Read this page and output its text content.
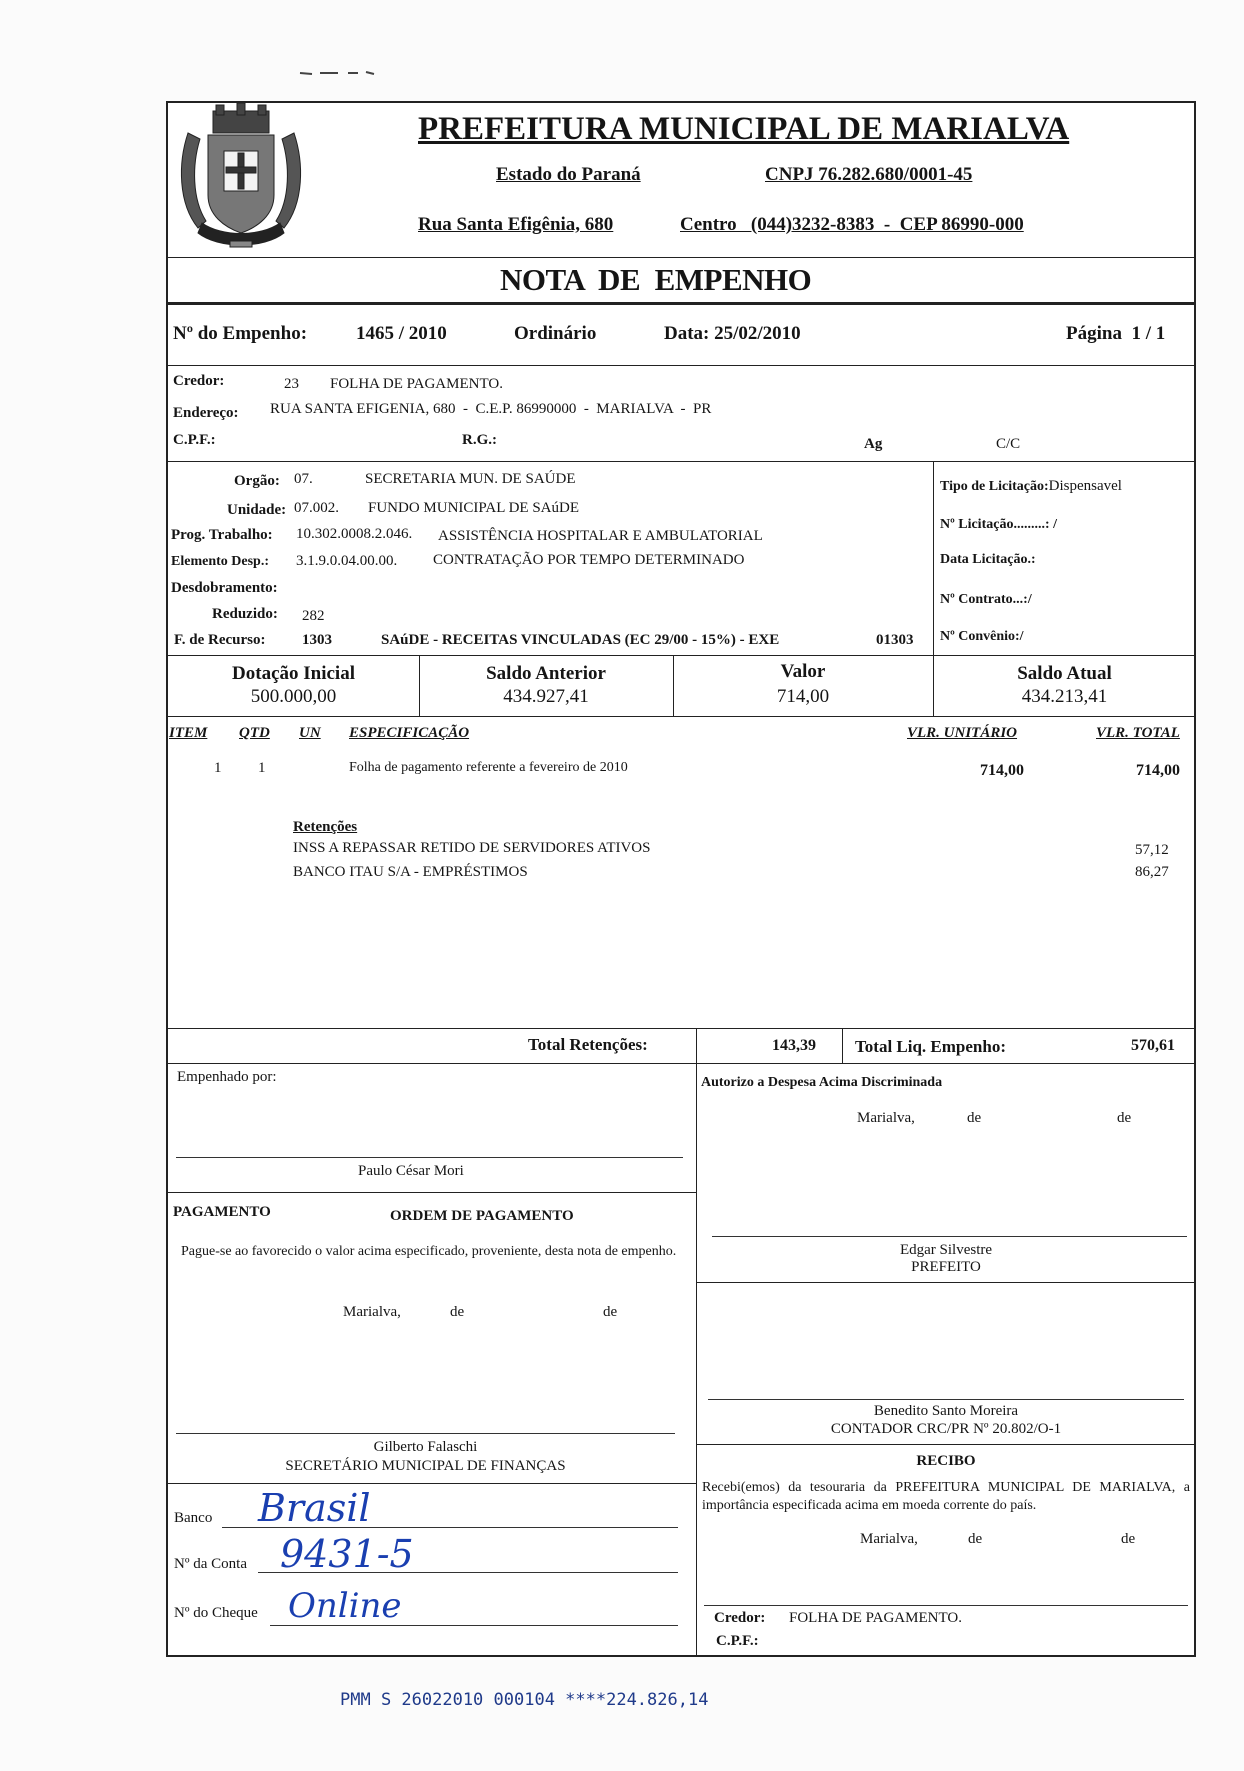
PREFEITURA MUNICIPAL DE MARIALVA
Estado do Paraná	CNPJ 76.282.680/0001-45
Rua Santa Efigênia, 680	Centro   (044)3232-8383  -  CEP 86990-000
NOTA  DE  EMPENHO
Nº do Empenho:	1465 / 2010	Ordinário	Data: 25/02/2010	Página  1 / 1
Credor:	23 FOLHA DE PAGAMENTO.
Endereço: RUA SANTA EFIGENIA, 680  -  C.E.P. 86990000  -  MARIALVA  -  PR
C.P.F.:	R.G.:	Ag	C/C
Orgão: 07.	SECRETARIA MUN. DE SAÚDE
Unidade: 07.002. FUNDO MUNICIPAL DE SAúDE
Prog. Trabalho: 10.302.0008.2.046. ASSISTÊNCIA HOSPITALAR E AMBULATORIAL
Elemento Desp.: 3.1.9.0.04.00.00. CONTRATAÇÃO POR TEMPO DETERMINADO
Desdobramento:
Reduzido: 282
F. de Recurso: 1303	SAúDE - RECEITAS VINCULADAS (EC 29/00 - 15%) - EXE	01303
Tipo de Licitação:Dispensavel
Nº Licitação.........: /
Data Licitação.:
Nº Contrato...:/
Nº Convênio:/
Dotação Inicial
500.000,00
Saldo Anterior
434.927,41
Valor
714,00
Saldo Atual
434.213,41
ITEM QTD UN ESPECIFICAÇÃO	VLR. UNITÁRIO	VLR. TOTAL
1 1	Folha de pagamento referente a fevereiro de 2010	714,00	714,00
Retenções
INSS A REPASSAR RETIDO DE SERVIDORES ATIVOS	57,12
BANCO ITAU S/A - EMPRÉSTIMOS	86,27
Total Retenções:	143,39 Total Liq. Empenho:	570,61
Empenhado por:
Paulo César Mori
Autorizo a Despesa Acima Discriminada
Marialva,	de	de
Edgar Silvestre
PREFEITO
PAGAMENTO	ORDEM DE PAGAMENTO
Pague-se ao favorecido o valor acima especificado, proveniente, desta nota de empenho.
Marialva,	de	de
Gilberto Falaschi
SECRETÁRIO MUNICIPAL DE FINANÇAS
Benedito Santo Moreira
CONTADOR CRC/PR Nº 20.802/O-1
RECIBO
Recebi(emos) da tesouraria da PREFEITURA MUNICIPAL DE MARIALVA, a importância especificada acima em moeda corrente do país.
Marialva,	de	de
Credor: FOLHA DE PAGAMENTO.
C.P.F.:
Banco Brasil
Nº da Conta 9431-5
Nº do Cheque Online
PMM S 26022010 000104 ****224.826,14
